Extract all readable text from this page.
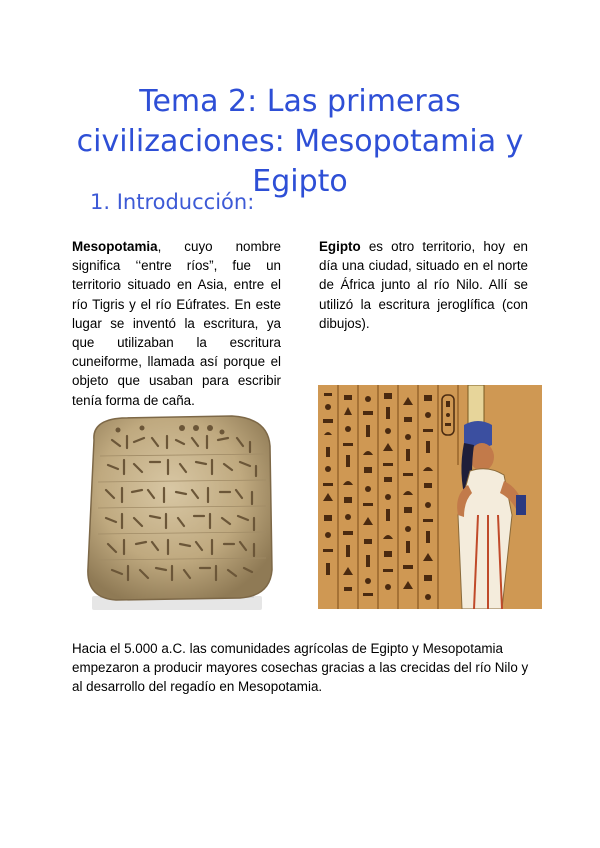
Tema 2: Las primeras civilizaciones: Mesopotamia y Egipto
1. Introducción:

Mesopotamia, cuyo nombre significa ‘‘entre ríos”, fue un territorio situado en Asia, entre el río Tigris y el río Eúfrates. En este lugar se inventó la escritura, ya que utilizaban la escritura cuneiforme, llamada así porque el objeto que usaban para escribir tenía forma de caña.

Egipto es otro territorio, hoy en día una ciudad, situado en el norte de África junto al río Nilo. Allí se utilizó la escritura jeroglífica (con dibujos).

Hacia el 5.000 a.C. las comunidades agrícolas de Egipto y Mesopotamia empezaron a producir mayores cosechas gracias a las crecidas del río Nilo y al desarrollo del regadío en Mesopotamia.
